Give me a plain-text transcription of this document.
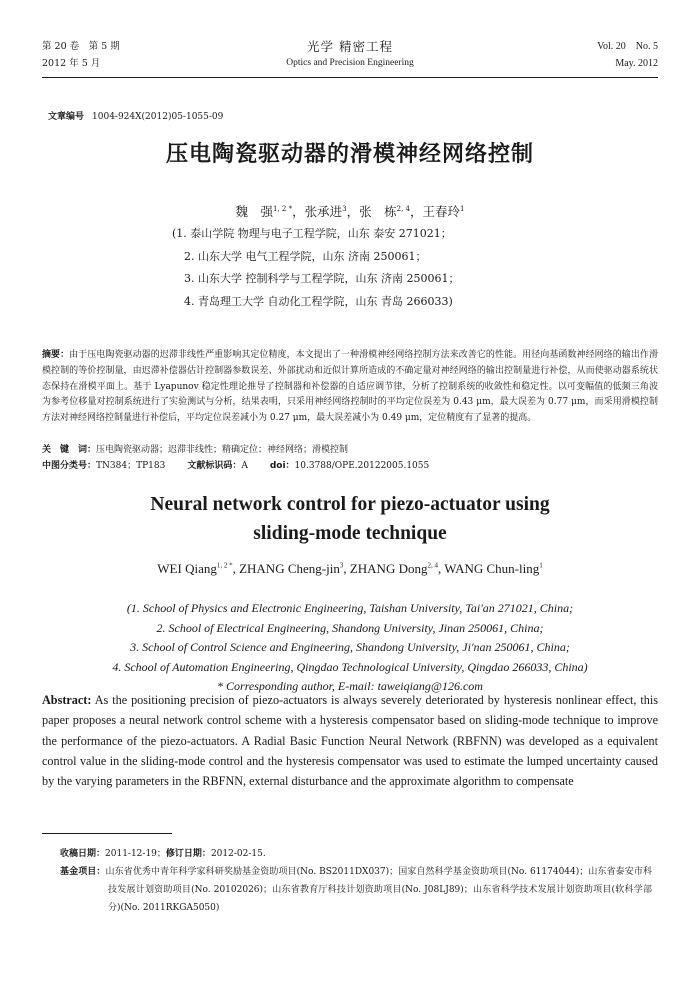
第 20 卷　第 5 期
2012 年 5 月
光学 精密工程
Optics and Precision Engineering
Vol. 20　No. 5
May. 2012
文章编号 1004-924X(2012)05-1055-09
压电陶瓷驱动器的滑模神经网络控制
魏　强$^{1, 2 *}$，张承进$^3$，张　栋$^{2, 4}$，王春玲$^1$
(1. 泰山学院 物理与电子工程学院，山东 泰安 271021；
2. 山东大学 电气工程学院，山东 济南 250061；
3. 山东大学 控制科学与工程学院，山东 济南 250061；
4. 青岛理工大学 自动化工程学院，山东 青岛 266033)
摘要：由于压电陶瓷驱动器的迟滞非线性严重影响其定位精度，本文提出了一种滑模神经网络控制方法来改善它的性能。用径向基函数神经网络的输出作滑模控制的等价控制量，由迟滞补偿器估计控制器参数误差、外部扰动和近似计算所造成的不确定量对神经网络的输出控制量进行补偿，从而使驱动器系统状态保持在滑模平面上。基于 Lyapunov 稳定性理论推导了控制器和补偿器的自适应调节律，分析了控制系统的收敛性和稳定性。以可变幅值的低频三角波为参考位移量对控制系统进行了实验测试与分析，结果表明，只采用神经网络控制时的平均定位误差为 0.43 μm，最大误差为 0.77 μm，而采用滑模控制方法对神经网络控制量进行补偿后，平均定位误差减小为 0.27 μm，最大误差减小为 0.49 μm，定位精度有了显著的提高。
关　键　词：压电陶瓷驱动器；迟滞非线性；精确定位；神经网络；滑模控制
中图分类号：TN384；TP183 文献标识码：A doi：10.3788/OPE.20122005.1055
Neural network control for piezo-actuator using
sliding-mode technique
WEI Qiang$^{1, 2 *}$, ZHANG Cheng-jin$^3$, ZHANG Dong$^{2, 4}$, WANG Chun-ling$^1$
(1. School of Physics and Electronic Engineering, Taishan University, Tai'an 271021, China;
2. School of Electrical Engineering, Shandong University, Jinan 250061, China;
3. School of Control Science and Engineering, Shandong University, Ji'nan 250061, China;
4. School of Automation Engineering, Qingdao Technological University, Qingdao 266033, China)
* Corresponding author, E-mail: taweiqiang@126.com
Abstract: As the positioning precision of piezo-actuators is always severely deteriorated by hysteresis nonlinear effect, this paper proposes a neural network control scheme with a hysteresis compensator based on sliding-mode technique to improve the performance of the piezo-actuators. A Radial Basic Function Neural Network (RBFNN) was developed as a equivalent control value in the sliding-mode control and the hysteresis compensator was used to estimate the lumped uncertainty caused by the varying parameters in the RBFNN, external disturbance and the approximate algorithm to compensate
收稿日期：2011-12-19；修订日期：2012-02-15.
基金项目：山东省优秀中青年科学家科研奖励基金资助项目(No. BS2011DX037)；国家自然科学基金资助项目(No. 61174044)；山东省泰安市科技发展计划资助项目(No. 20102026)；山东省教育厅科技计划资助项目(No. J08LJ89)；山东省科学技术发展计划资助项目(软科学部分)(No. 2011RKGA5050)
